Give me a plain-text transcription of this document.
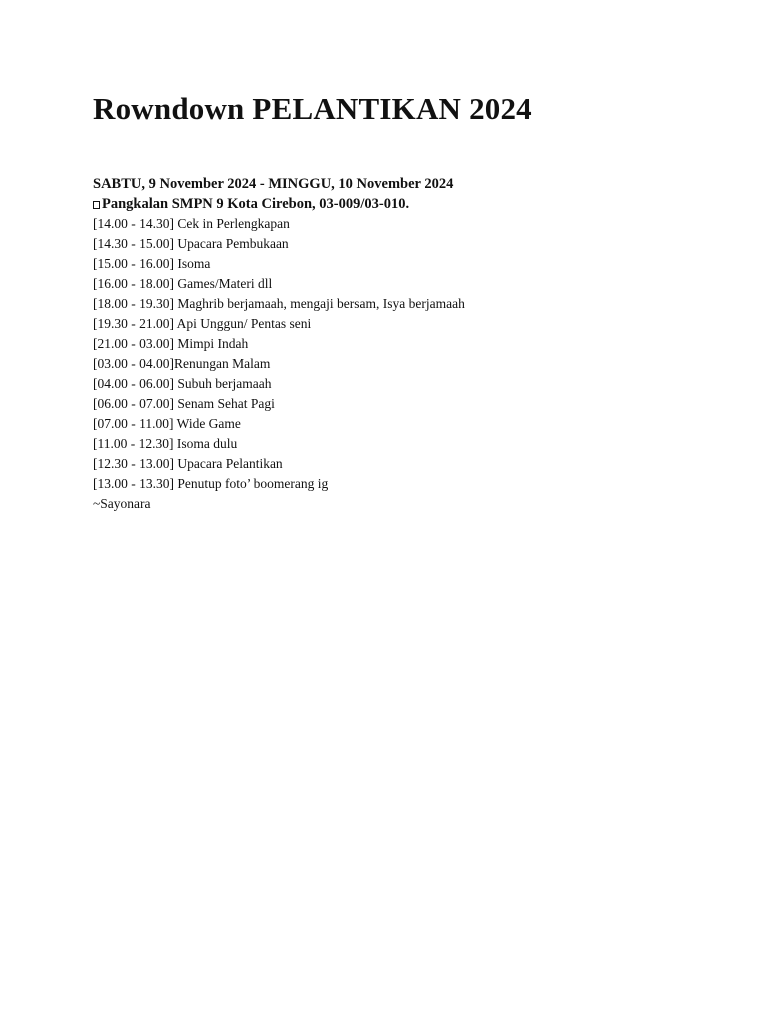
Rowndown PELANTIKAN 2024
SABTU, 9 November 2024 - MINGGU, 10 November 2024
Pangkalan SMPN 9 Kota Cirebon, 03-009/03-010.
[14.00 - 14.30] Cek in Perlengkapan
[14.30 - 15.00] Upacara Pembukaan
[15.00 - 16.00] Isoma
[16.00 - 18.00] Games/Materi dll
[18.00 - 19.30] Maghrib berjamaah, mengaji bersam, Isya berjamaah
[19.30 - 21.00] Api Unggun/ Pentas seni
[21.00 - 03.00] Mimpi Indah
[03.00 - 04.00]Renungan Malam
[04.00 - 06.00] Subuh berjamaah
[06.00 - 07.00] Senam Sehat Pagi
[07.00 - 11.00] Wide Game
[11.00 - 12.30] Isoma dulu
[12.30 - 13.00] Upacara Pelantikan
[13.00 - 13.30] Penutup foto’ boomerang ig
~Sayonara
